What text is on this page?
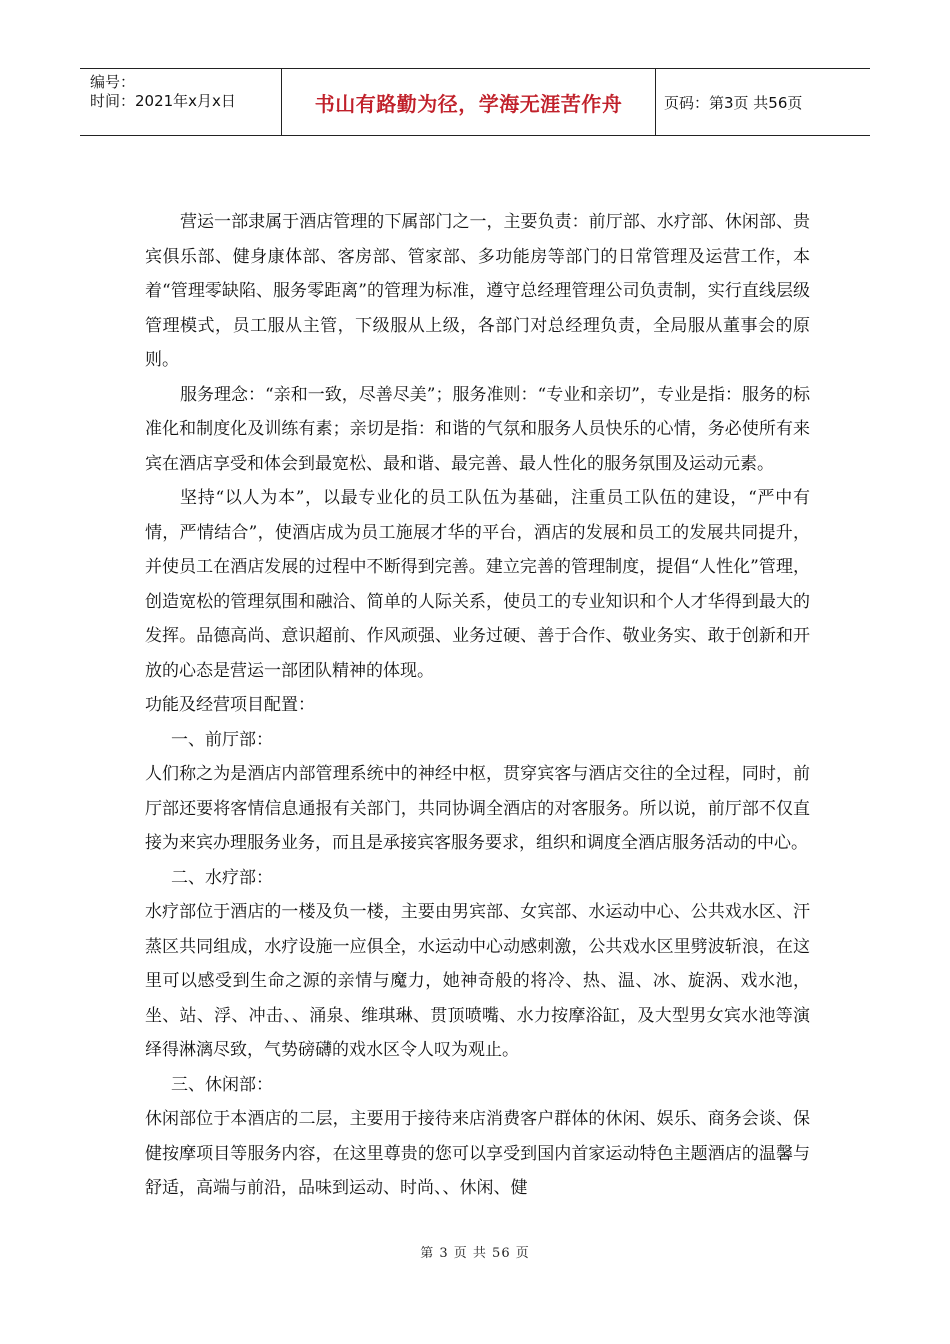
编号：
时间：2021年x月x日	书山有路勤为径，学海无涯苦作舟	页码：第3页 共56页

营运一部隶属于酒店管理的下属部门之一，主要负责：前厅部、水疗部、休闲部、贵宾俱乐部、健身康体部、客房部、管家部、多功能房等部门的日常管理及运营工作，本着“管理零缺陷、服务零距离”的管理为标准，遵守总经理管理公司负责制，实行直线层级管理模式，员工服从主管，下级服从上级，各部门对总经理负责，全局服从董事会的原则。

服务理念：“亲和一致，尽善尽美”；服务准则：“专业和亲切”，专业是指：服务的标准化和制度化及训练有素；亲切是指：和谐的气氛和服务人员快乐的心情，务必使所有来宾在酒店享受和体会到最宽松、最和谐、最完善、最人性化的服务氛围及运动元素。

坚持“以人为本”，以最专业化的员工队伍为基础，注重员工队伍的建设，“严中有情，严情结合”，使酒店成为员工施展才华的平台，酒店的发展和员工的发展共同提升，并使员工在酒店发展的过程中不断得到完善。建立完善的管理制度，提倡“人性化”管理，创造宽松的管理氛围和融洽、简单的人际关系，使员工的专业知识和个人才华得到最大的发挥。品德高尚、意识超前、作风顽强、业务过硬、善于合作、敬业务实、敢于创新和开放的心态是营运一部团队精神的体现。

功能及经营项目配置：

一、前厅部：

人们称之为是酒店内部管理系统中的神经中枢，贯穿宾客与酒店交往的全过程，同时，前厅部还要将客情信息通报有关部门，共同协调全酒店的对客服务。所以说，前厅部不仅直接为来宾办理服务业务，而且是承接宾客服务要求，组织和调度全酒店服务活动的中心。

二、水疗部：

水疗部位于酒店的一楼及负一楼，主要由男宾部、女宾部、水运动中心、公共戏水区、汗蒸区共同组成，水疗设施一应俱全，水运动中心动感刺激，公共戏水区里劈波斩浪，在这里可以感受到生命之源的亲情与魔力，她神奇般的将冷、热、温、冰、旋涡、戏水池，坐、站、浮、冲击、、涌泉、维琪琳、贯顶喷嘴、水力按摩浴缸，及大型男女宾水池等演绎得淋漓尽致，气势磅礴的戏水区令人叹为观止。

三、休闲部：

休闲部位于本酒店的二层，主要用于接待来店消费客户群体的休闲、娱乐、商务会谈、保健按摩项目等服务内容，在这里尊贵的您可以享受到国内首家运动特色主题酒店的温馨与舒适，高端与前沿，品味到运动、时尚、、休闲、健

第 3 页 共 56 页
